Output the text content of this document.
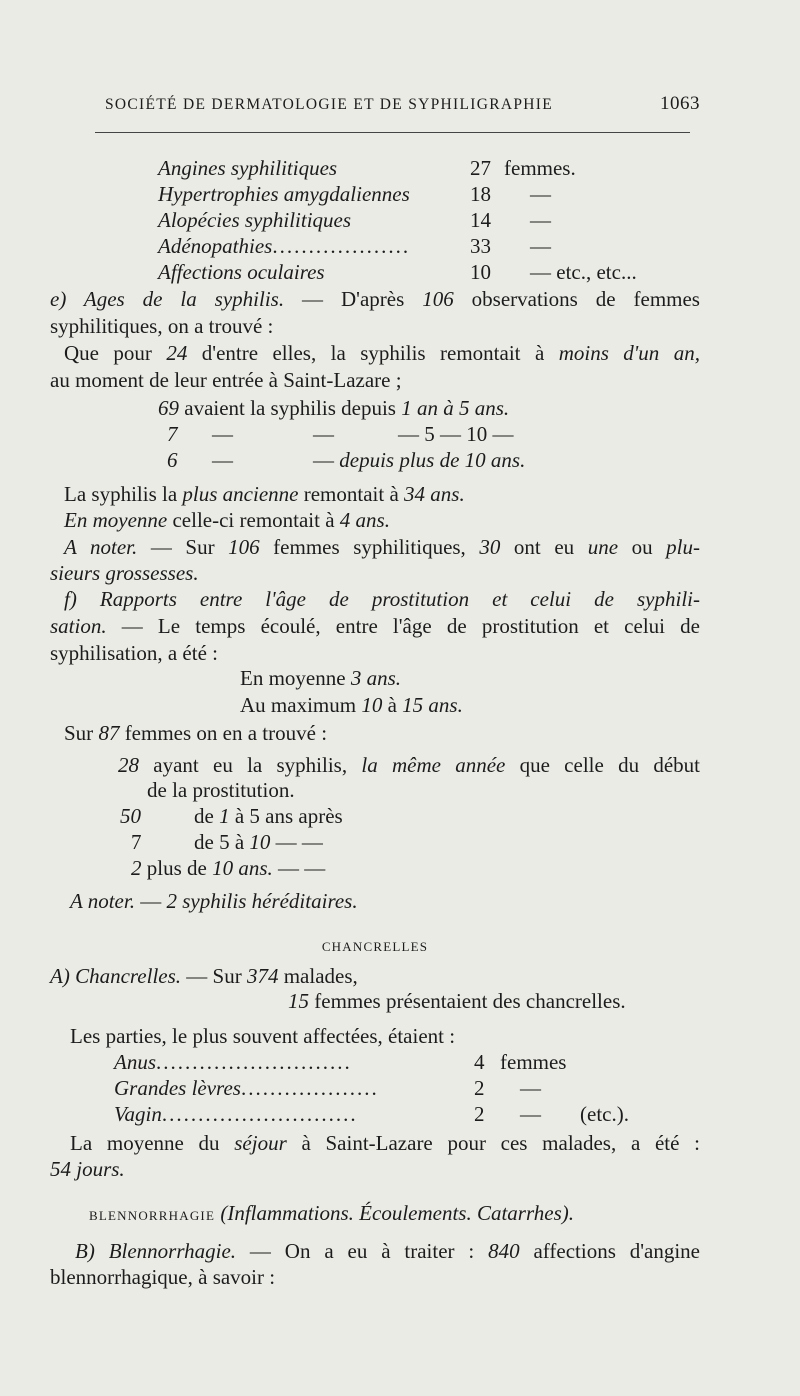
SOCIÉTÉ DE DERMATOLOGIE ET DE SYPHILIGRAPHIE	1063
Angines syphilitiques	27 femmes.
Hypertrophies amygdaliennes	18	—
Alopécies syphilitiques	14	—
Adénopathies...................	33	—
Affections oculaires	10	— etc., etc...
e) Ages de la syphilis. — D'après 106 observations de femmes
syphilitiques, on a trouvé :
Que pour 24 d'entre elles, la syphilis remontait à moins d'un an,
au moment de leur entrée à Saint-Lazare ;
69 avaient la syphilis depuis 1 an à 5 ans.
7	—	—	— 5 — 10 —
6	—	— depuis plus de 10 ans.
La syphilis la plus ancienne remontait à 34 ans.
En moyenne celle-ci remontait à 4 ans.
A noter. — Sur 106 femmes syphilitiques, 30 ont eu une ou plu-
sieurs grossesses.
f) Rapports entre l'âge de prostitution et celui de syphili-
sation. — Le temps écoulé, entre l'âge de prostitution et celui de
syphilisation, a été :
En moyenne 3 ans.
Au maximum 10 à 15 ans.
Sur 87 femmes on en a trouvé :
28 ayant eu la syphilis, la même année que celle du début
de la prostitution.
50	de 1 à 5 ans après
7	de 5 à 10 — —
2 plus de 10 ans. — —
A noter. — 2 syphilis héréditaires.
CHANCRELLES
A) Chancrelles. — Sur 374 malades,
15 femmes présentaient des chancrelles.
Les parties, le plus souvent affectées, étaient :
Anus...........................	4 femmes
Grandes lèvres...................	2	—
Vagin...........................	2	—	(etc.).
La moyenne du séjour à Saint-Lazare pour ces malades, a été :
54 jours.
BLENNORRHAGIE (Inflammations. Écoulements. Catarrhes).
B) Blennorrhagie. — On a eu à traiter : 840 affections d'angine
blennorrhagique, à savoir :
